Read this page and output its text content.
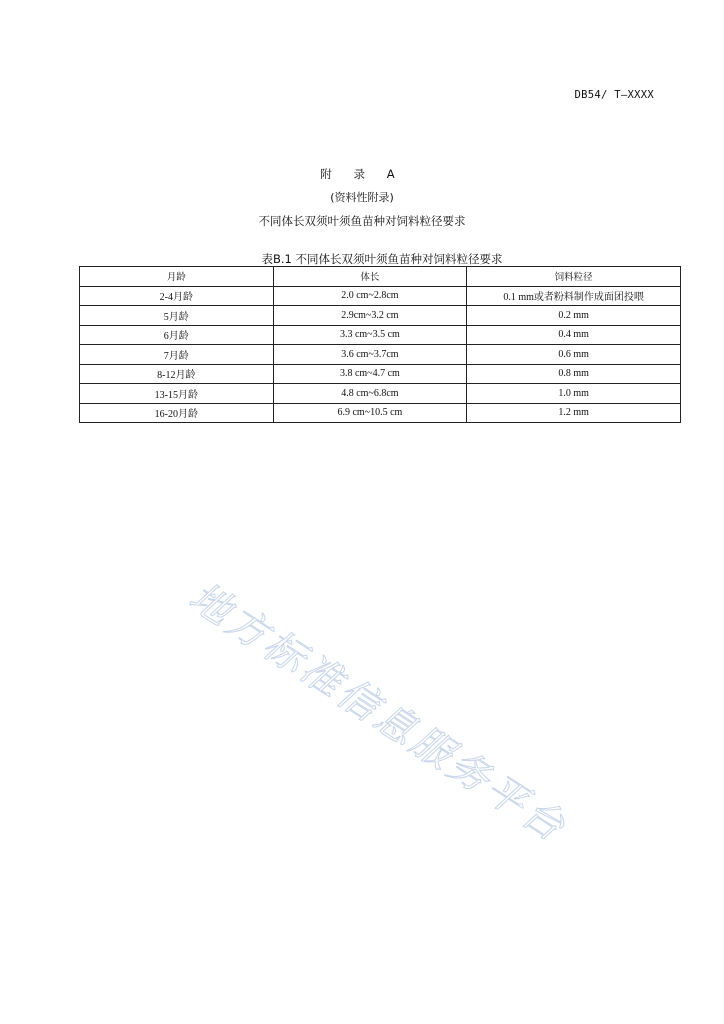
DB54/ T—XXXX
附 录 A
(资料性附录)
不同体长双须叶须鱼苗种对饲料粒径要求
表B.1 不同体长双须叶须鱼苗种对饲料粒径要求
月龄	体长	饲料粒径
2-4月龄	2.0 cm~2.8cm	0.1 mm或者粉料制作成面团投喂
5月龄	2.9cm~3.2 cm	0.2 mm
6月龄	3.3 cm~3.5 cm	0.4 mm
7月龄	3.6 cm~3.7cm	0.6 mm
8-12月龄	3.8 cm~4.7 cm	0.8 mm
13-15月龄	4.8 cm~6.8cm	1.0 mm
16-20月龄	6.9 cm~10.5 cm	1.2 mm
地方标准信息服务平台
